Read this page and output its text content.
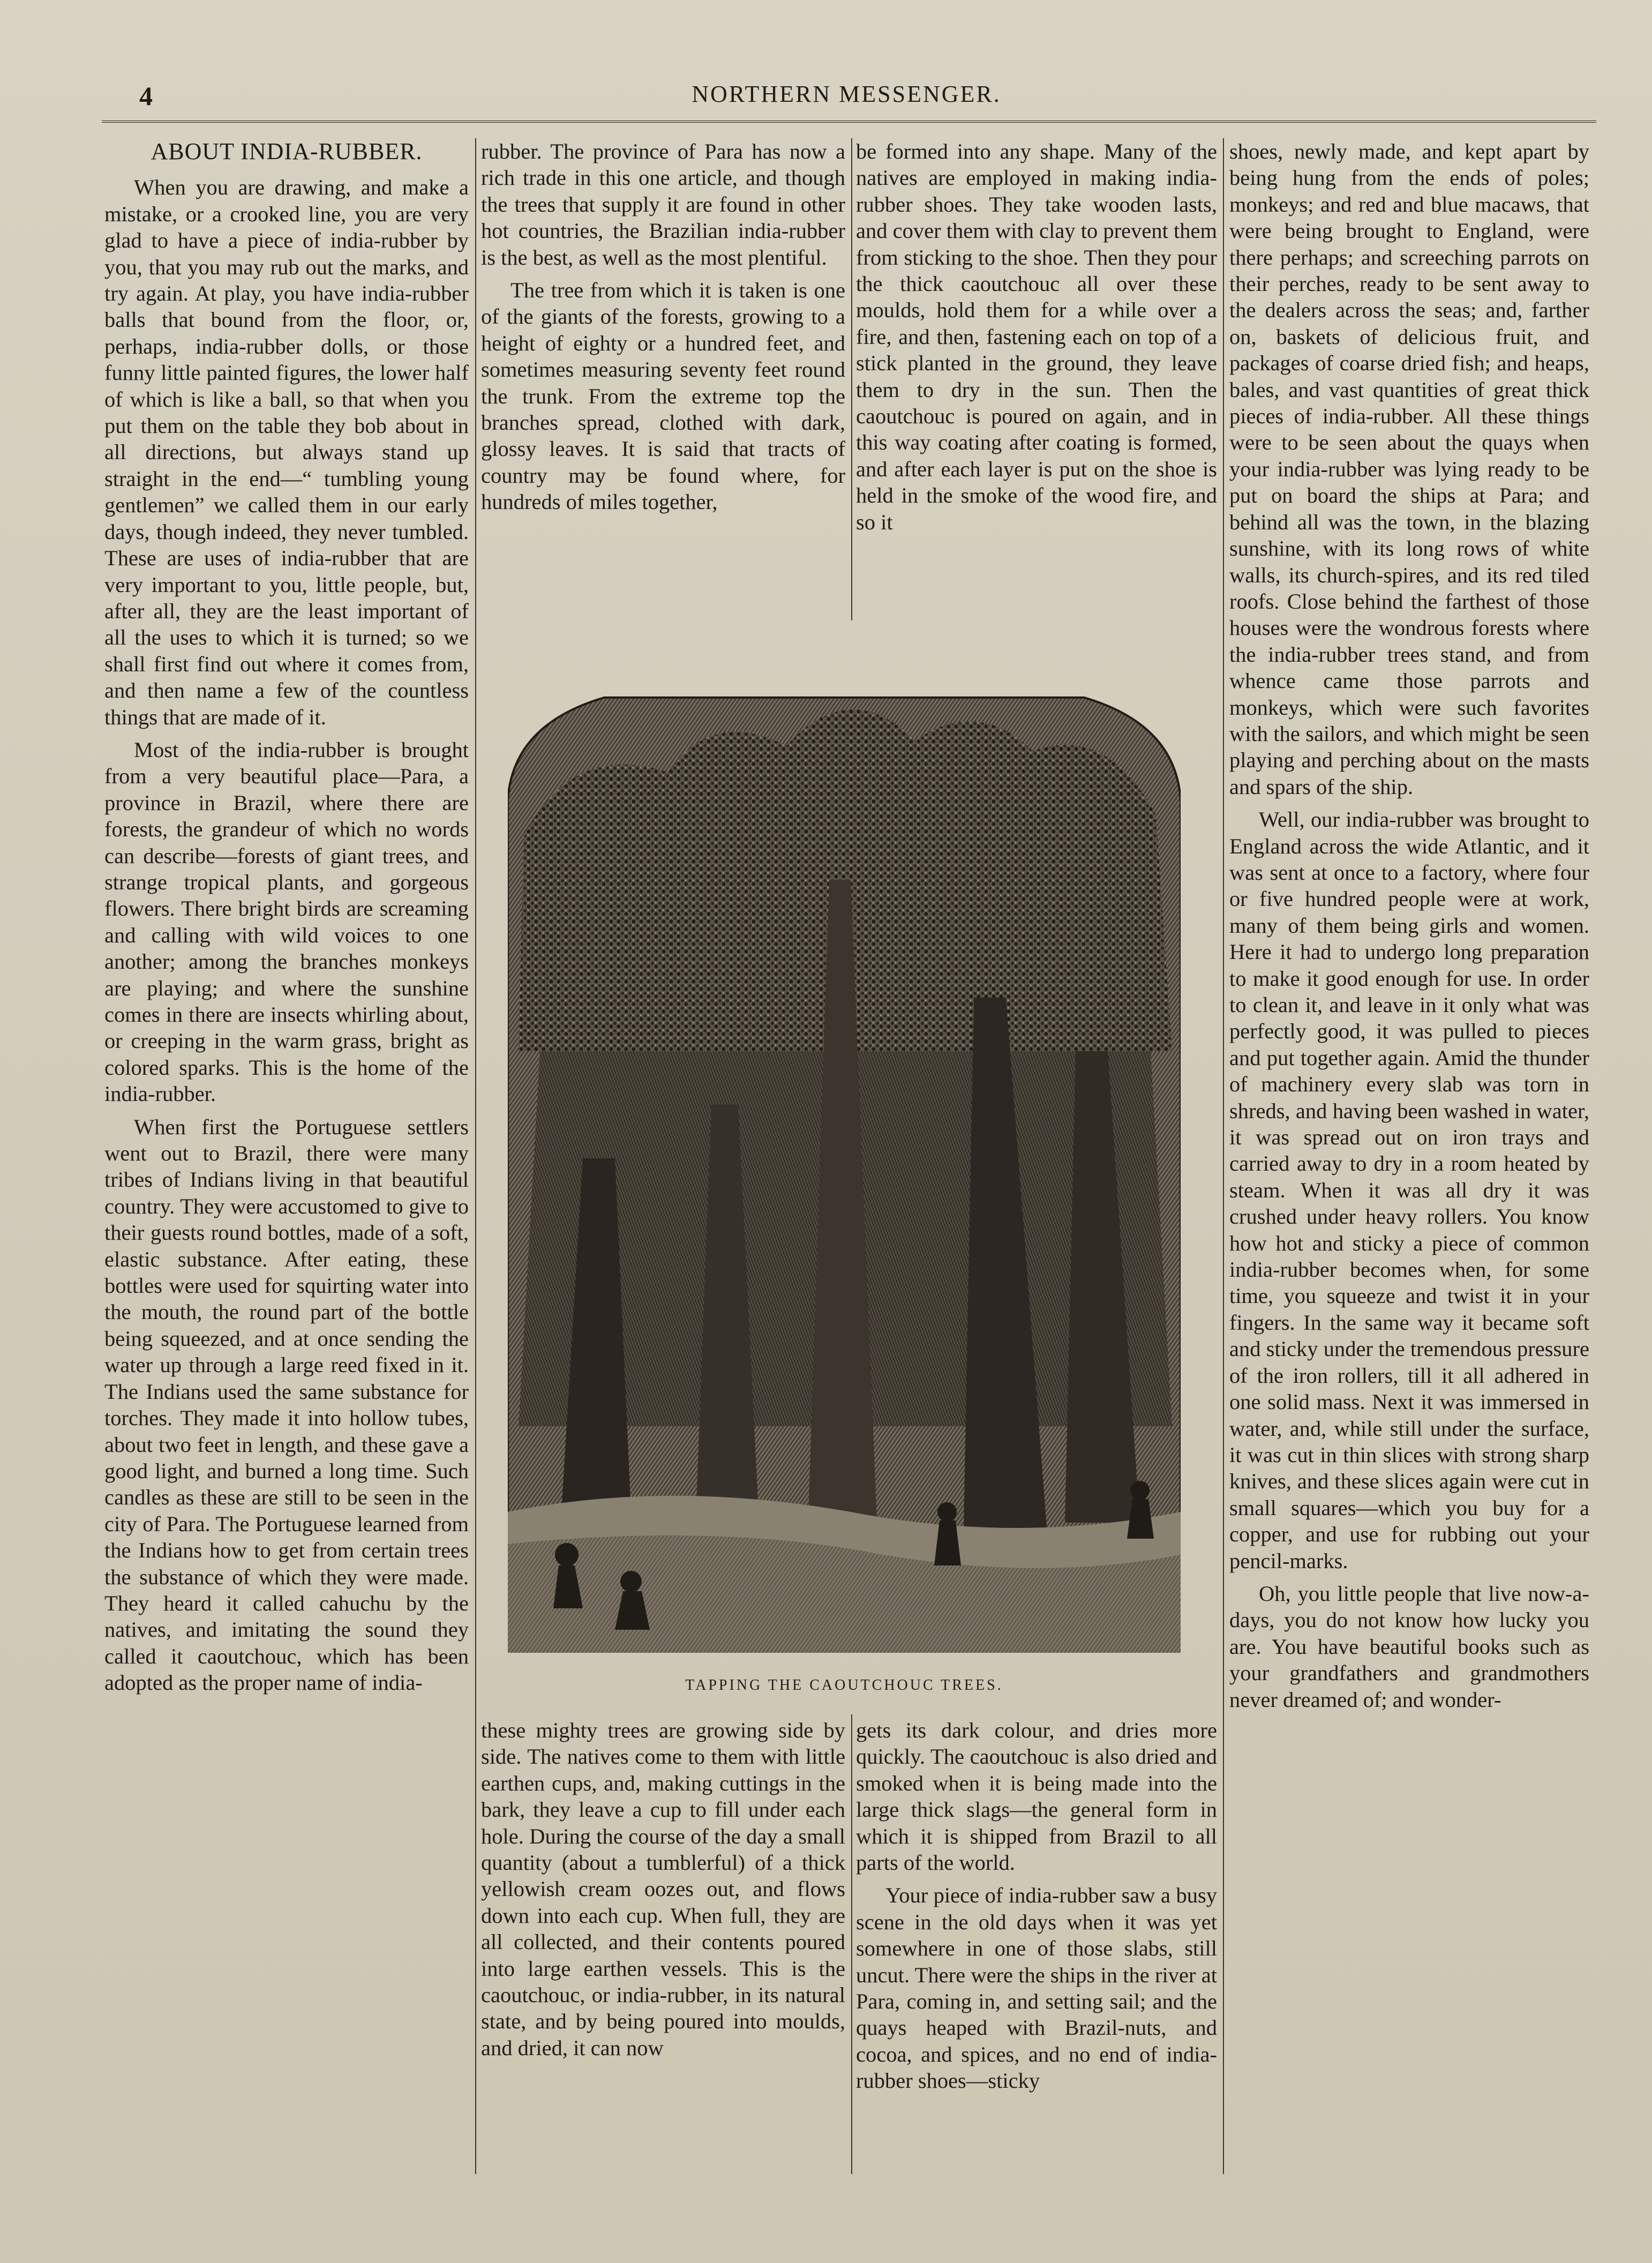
4	NORTHERN MESSENGER.
ABOUT INDIA-RUBBER.

When you are drawing, and make a mistake, or a crooked line, you are very glad to have a piece of india-rubber by you, that you may rub out the marks, and try again. At play, you have india-rubber balls that bound from the floor, or, perhaps, india-rubber dolls, or those funny little painted figures, the lower half of which is like a ball, so that when you put them on the table they bob about in all directions, but always stand up straight in the end—“ tumbling young gentlemen” we called them in our early days, though indeed, they never tumbled. These are uses of india-rubber that are very important to you, little people, but, after all, they are the least important of all the uses to which it is turned; so we shall first find out where it comes from, and then name a few of the countless things that are made of it.

Most of the india-rubber is brought from a very beautiful place—Para, a province in Brazil, where there are forests, the grandeur of which no words can describe—forests of giant trees, and strange tropical plants, and gorgeous flowers. There bright birds are screaming and calling with wild voices to one another; among the branches monkeys are playing; and where the sunshine comes in there are insects whirling about, or creeping in the warm grass, bright as colored sparks. This is the home of the india-rubber.

When first the Portuguese settlers went out to Brazil, there were many tribes of Indians living in that beautiful country. They were accustomed to give to their guests round bottles, made of a soft, elastic substance. After eating, these bottles were used for squirting water into the mouth, the round part of the bottle being squeezed, and at once sending the water up through a large reed fixed in it. The Indians used the same substance for torches. They made it into hollow tubes, about two feet in length, and these gave a good light, and burned a long time. Such candles as these are still to be seen in the city of Para. The Portuguese learned from the Indians how to get from certain trees the substance of which they were made. They heard it called cahuchu by the natives, and imitating the sound they called it caoutchouc, which has been adopted as the proper name of india-

rubber. The province of Para has now a rich trade in this one article, and though the trees that supply it are found in other hot countries, the Brazilian india-rubber is the best, as well as the most plentiful.

The tree from which it is taken is one of the giants of the forests, growing to a height of eighty or a hundred feet, and sometimes measuring seventy feet round the trunk. From the extreme top the branches spread, clothed with dark, glossy leaves. It is said that tracts of country may be found where, for hundreds of miles together,

be formed into any shape. Many of the natives are employed in making india-rubber shoes. They take wooden lasts, and cover them with clay to prevent them from sticking to the shoe. Then they pour the thick caoutchouc all over these moulds, hold them for a while over a fire, and then, fastening each on top of a stick planted in the ground, they leave them to dry in the sun. Then the caoutchouc is poured on again, and in this way coating after coating is formed, and after each layer is put on the shoe is held in the smoke of the wood fire, and so it

shoes, newly made, and kept apart by being hung from the ends of poles; monkeys; and red and blue macaws, that were being brought to England, were there perhaps; and screeching parrots on their perches, ready to be sent away to the dealers across the seas; and, farther on, baskets of delicious fruit, and packages of coarse dried fish; and heaps, bales, and vast quantities of great thick pieces of india-rubber. All these things were to be seen about the quays when your india-rubber was lying ready to be put on board the ships at Para; and behind all was the town, in the blazing sunshine, with its long rows of white walls, its church-spires, and its red tiled roofs. Close behind the farthest of those houses were the wondrous forests where the india-rubber trees stand, and from whence came those parrots and monkeys, which were such favorites with the sailors, and which might be seen playing and perching about on the masts and spars of the ship.

Well, our india-rubber was brought to England across the wide Atlantic, and it was sent at once to a factory, where four or five hundred people were at work, many of them being girls and women. Here it had to undergo long preparation to make it good enough for use. In order to clean it, and leave in it only what was perfectly good, it was pulled to pieces and put together again. Amid the thunder of machinery every slab was torn in shreds, and having been washed in water, it was spread out on iron trays and carried away to dry in a room heated by steam. When it was all dry it was crushed under heavy rollers. You know how hot and sticky a piece of common india-rubber becomes when, for some time, you squeeze and twist it in your fingers. In the same way it became soft and sticky under the tremendous pressure of the iron rollers, till it all adhered in one solid mass. Next it was immersed in water, and, while still under the surface, it was cut in thin slices with strong sharp knives, and these slices again were cut in small squares—which you buy for a copper, and use for rubbing out your pencil-marks.

Oh, you little people that live now-a-days, you do not know how lucky you are. You have beautiful books such as your grandfathers and grandmothers never dreamed of; and wonder-

TAPPING THE CAOUTCHOUC TREES.

these mighty trees are growing side by side. The natives come to them with little earthen cups, and, making cuttings in the bark, they leave a cup to fill under each hole. During the course of the day a small quantity (about a tumblerful) of a thick yellowish cream oozes out, and flows down into each cup. When full, they are all collected, and their contents poured into large earthen vessels. This is the caoutchouc, or india-rubber, in its natural state, and by being poured into moulds, and dried, it can now

gets its dark colour, and dries more quickly. The caoutchouc is also dried and smoked when it is being made into the large thick slags—the general form in which it is shipped from Brazil to all parts of the world.

Your piece of india-rubber saw a busy scene in the old days when it was yet somewhere in one of those slabs, still uncut. There were the ships in the river at Para, coming in, and setting sail; and the quays heaped with Brazil-nuts, and cocoa, and spices, and no end of india-rubber shoes—sticky
